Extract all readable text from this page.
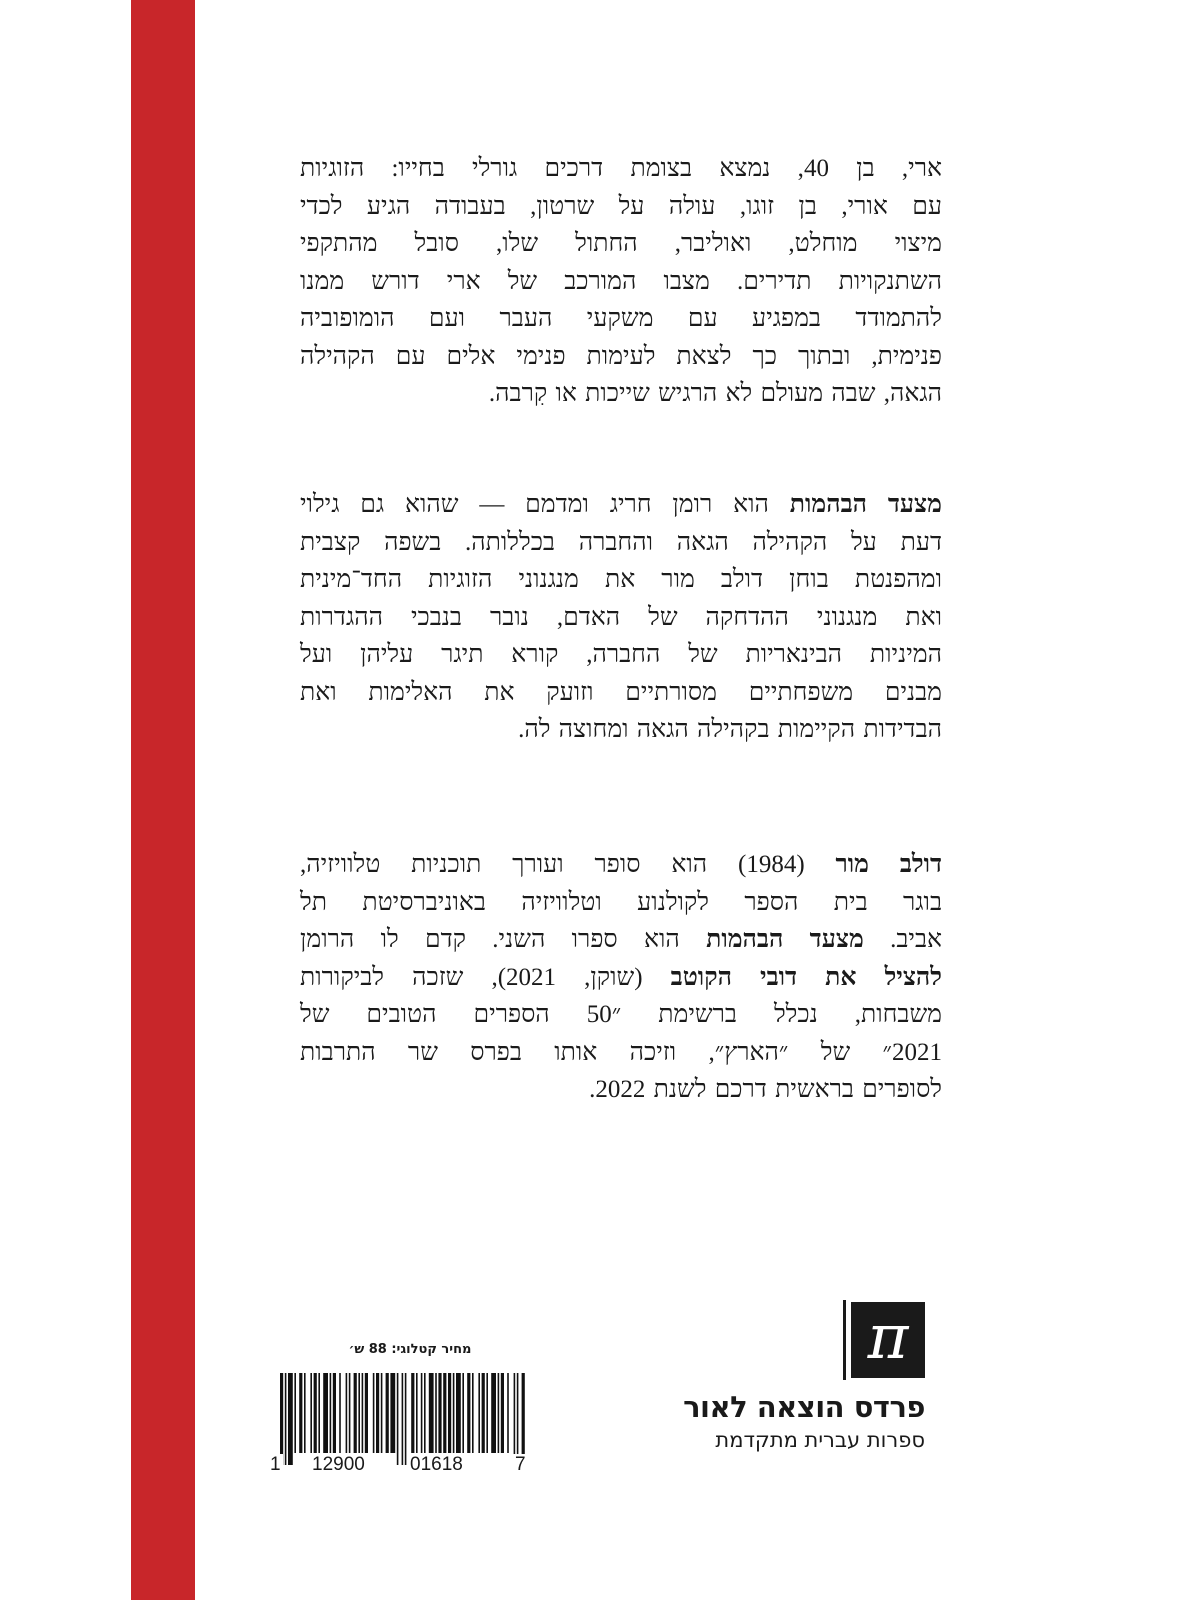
ארי, בן 40, נמצא בצומת דרכים גורלי בחייו: הזוגיות
עם אורי, בן זוגו, עולה על שרטון, בעבודה הגיע לכדי
מיצוי מוחלט, ואוליבר, החתול שלו, סובל מהתקפי
השתנקויות תדירים. מצבו המורכב של ארי דורש ממנו
להתמודד במפגיע עם משקעי העבר ועם הומופוביה
פנימית, ובתוך כך לצאת לעימות פנימי אלים עם הקהילה
הגאה, שבה מעולם לא הרגיש שייכות או קִרבה.
מצעד הבהמות הוא רומן חריג ומדמם — שהוא גם גילוי
דעת על הקהילה הגאה והחברה בכללותה. בשפה קצבית
ומהפנטת בוחן דולב מור את מנגנוני הזוגיות החד־מינית
ואת מנגנוני ההדחקה של האדם, נובר בנבכי ההגדרות
המיניות הבינאריות של החברה, קורא תיגר עליהן ועל
מבנים משפחתיים מסורתיים וזועק את האלימות ואת
הבדידות הקיימות בקהילה הגאה ומחוצה לה.
דולב מור (1984) הוא סופר ועורך תוכניות טלוויזיה,
בוגר בית הספר לקולנוע וטלוויזיה באוניברסיטת תל
אביב. מצעד הבהמות הוא ספרו השני. קדם לו הרומן
להציל את דובי הקוטב (שוקן, 2021), שזכה לביקורות
משבחות, נכלל ברשימת ״50 הספרים הטובים של
2021״ של ״הארץ״, וזיכה אותו בפרס שר התרבות
לסופרים בראשית דרכם לשנת 2022.
π
פרדס הוצאה לאור
ספרות עברית מתקדמת
מחיר קטלוגי: 88 ש׳
1 12900 01618	7
